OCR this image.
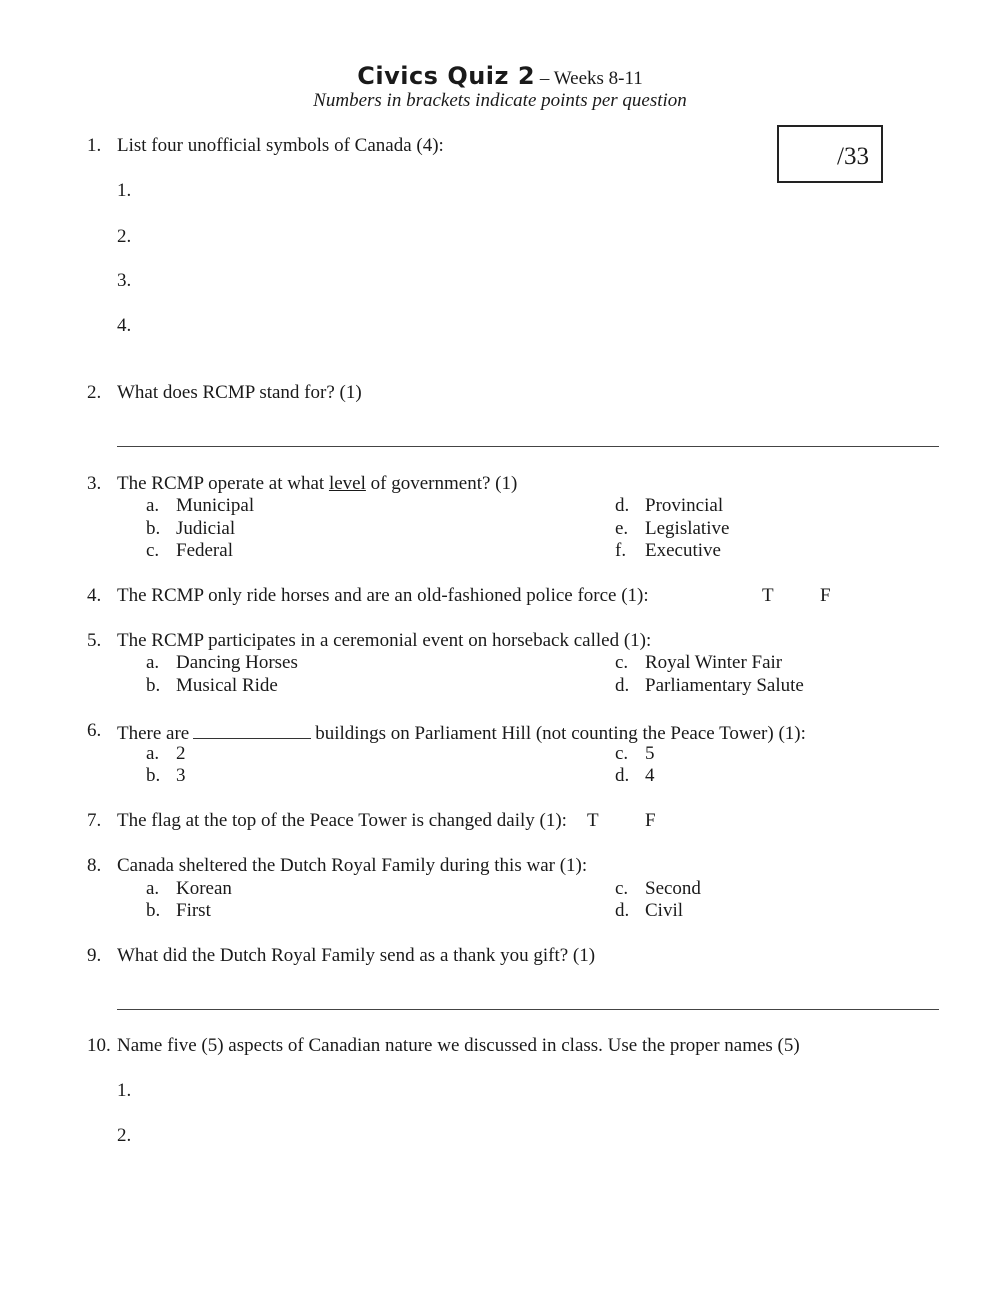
Civics Quiz 2 – Weeks 8-11
Numbers in brackets indicate points per question
/33
1. List four unofficial symbols of Canada (4):
1.
2.
3.
4.
2. What does RCMP stand for? (1)
3. The RCMP operate at what level of government? (1)
a. Municipal
b. Judicial
c. Federal
d. Provincial
e. Legislative
f. Executive
4. The RCMP only ride horses and are an old-fashioned police force (1):	T F
5. The RCMP participates in a ceremonial event on horseback called (1):
a. Dancing Horses
b. Musical Ride
c. Royal Winter Fair
d. Parliamentary Salute
6. There are	buildings on Parliament Hill (not counting the Peace Tower) (1):
a. 2
b. 3
c. 5
d. 4
7. The flag at the top of the Peace Tower is changed daily (1): T F
8. Canada sheltered the Dutch Royal Family during this war (1):
a. Korean
b. First
c. Second
d. Civil
9. What did the Dutch Royal Family send as a thank you gift? (1)
10. Name five (5) aspects of Canadian nature we discussed in class. Use the proper names (5)
1.
2.
